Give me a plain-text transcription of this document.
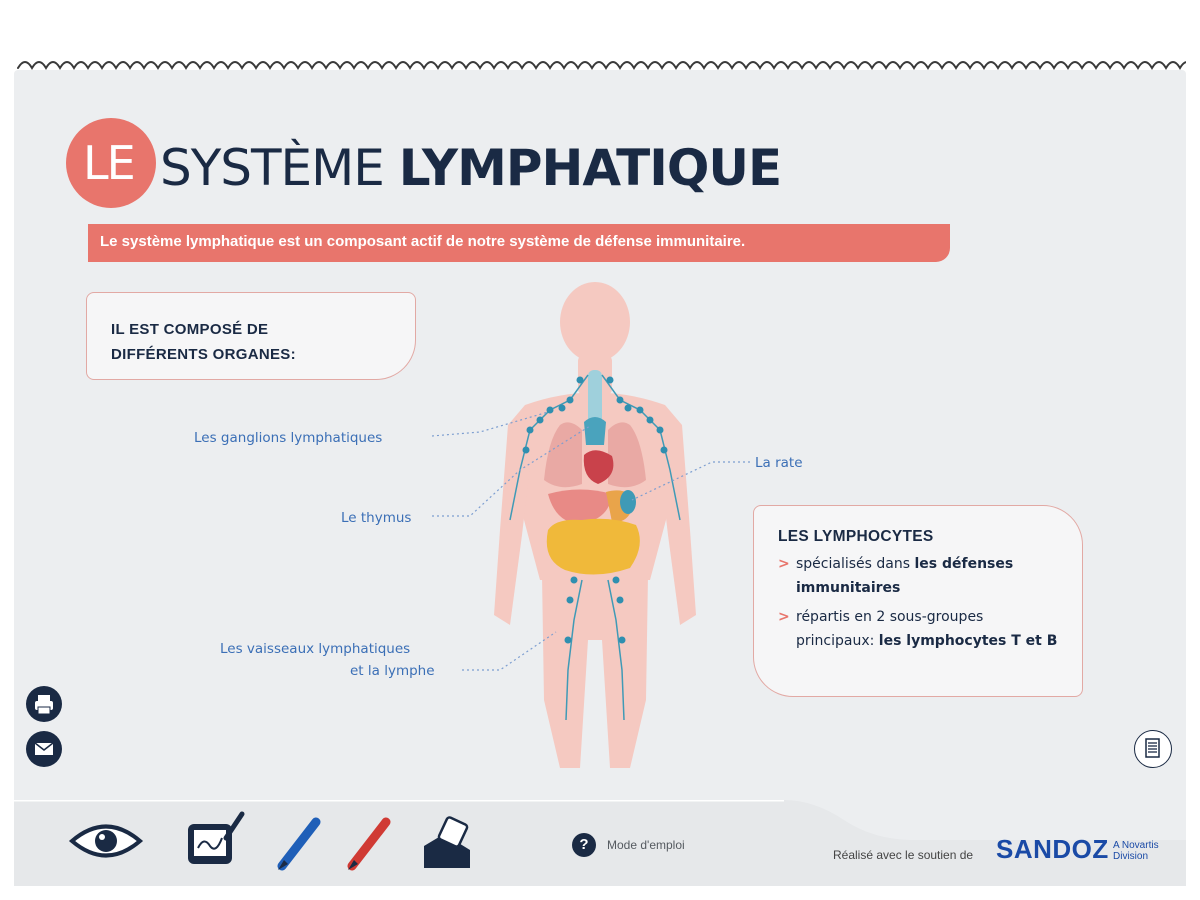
LE SYSTÈME LYMPHATIQUE
Le système lymphatique est un composant actif de notre système de défense immunitaire.
IL EST COMPOSÉ DE
DIFFÉRENTS ORGANES:
Les ganglions lymphatiques
Le thymus
La rate
Les vaisseaux lymphatiques
et la lymphe
LES LYMPHOCYTES
> spécialisés dans les défenses immunitaires
> répartis en 2 sous-groupes principaux: les lymphocytes T et B
?	Mode d'emploi
Réalisé avec le soutien de SANDOZ A Novartis Division
